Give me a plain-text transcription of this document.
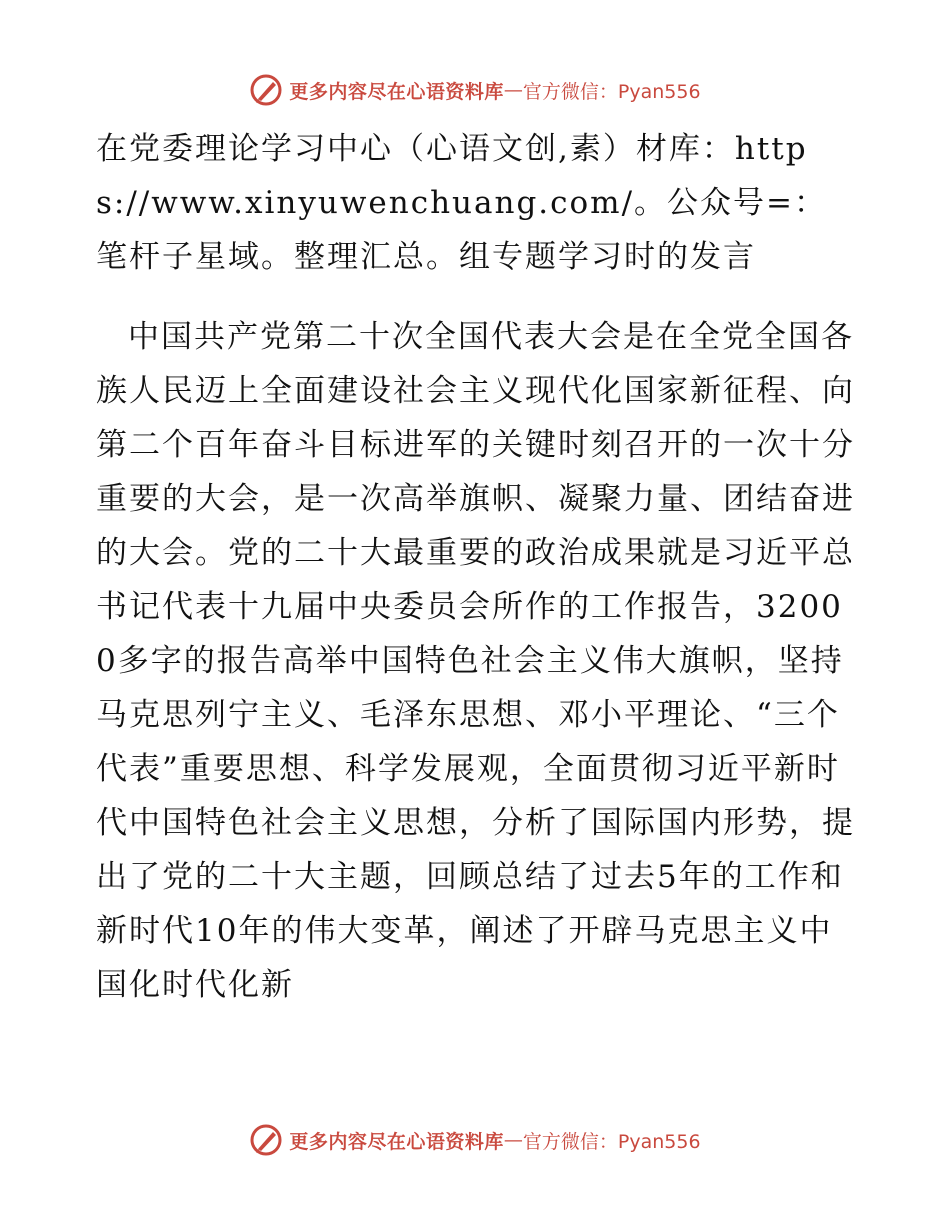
更多内容尽在心语资料库 — 官方微信：Pyan556
在党委理论学习中心（心语文创,素）材库：https://www.xinyuwenchuang.com/。公众号=：笔杆子星域。整理汇总。组专题学习时的发言
中国共产党第二十次全国代表大会是在全党全国各族人民迈上全面建设社会主义现代化国家新征程、向第二个百年奋斗目标进军的关键时刻召开的一次十分重要的大会，是一次高举旗帜、凝聚力量、团结奋进的大会。党的二十大最重要的政治成果就是习近平总书记代表十九届中央委员会所作的工作报告，32000多字的报告高举中国特色社会主义伟大旗帜，坚持马克思列宁主义、毛泽东思想、邓小平理论、“三个代表”重要思想、科学发展观，全面贯彻习近平新时代中国特色社会主义思想，分析了国际国内形势，提出了党的二十大主题，回顾总结了过去5年的工作和新时代10年的伟大变革，阐述了开辟马克思主义中国化时代化新
更多内容尽在心语资料库 — 官方微信：Pyan556
